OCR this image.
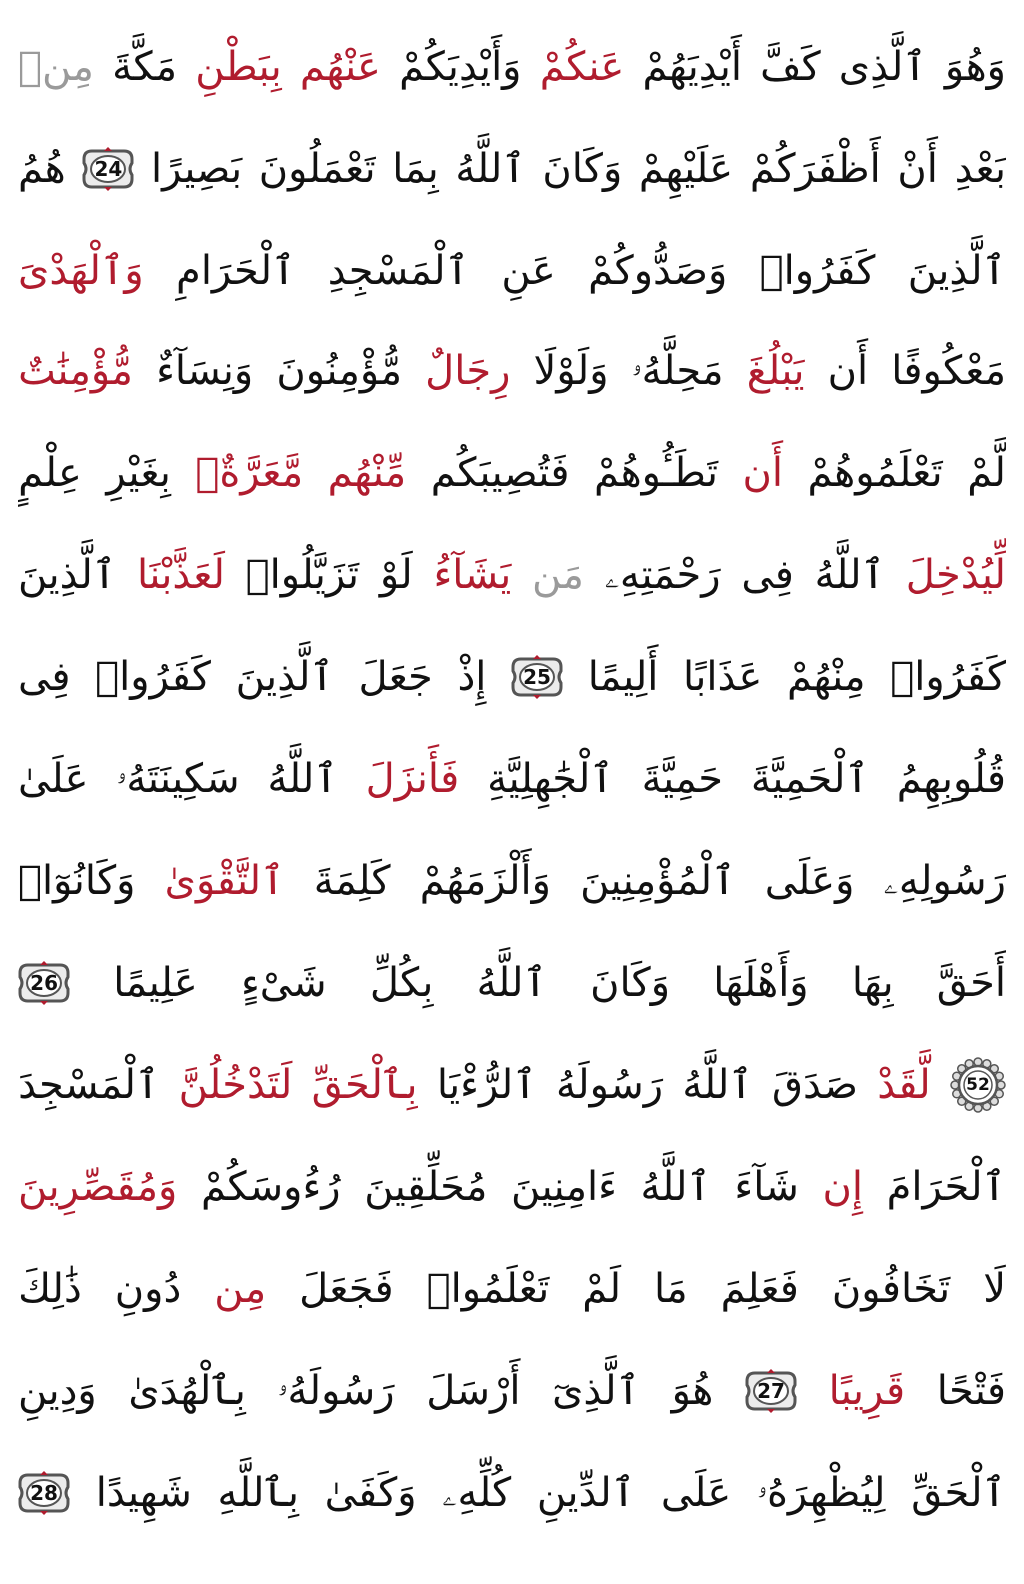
وَهُوَ
ٱلَّذِى
كَفَّ
أَيْدِيَهُمْ
عَنكُمْ
وَأَيْدِيَكُمْ
عَنْهُم
بِبَطْنِ
مَكَّةَ
مِنۢ
بَعْدِ
أَنْ
أَظْفَرَكُمْ
عَلَيْهِمْ
وَكَانَ
ٱللَّهُ
بِمَا
تَعْمَلُونَ
بَصِيرًا
24
هُمُ
ٱلَّذِينَ
كَفَرُوا۟
وَصَدُّوكُمْ
عَنِ
ٱلْمَسْجِدِ
ٱلْحَرَامِ
وَٱلْهَدْىَ
مَعْكُوفًا
أَن
يَبْلُغَ
مَحِلَّهُۥ
وَلَوْلَا
رِجَالٌ
مُّؤْمِنُونَ
وَنِسَآءٌ
مُّؤْمِنَٰتٌ
لَّمْ
تَعْلَمُوهُمْ
أَن
تَطَـُٔوهُمْ
فَتُصِيبَكُم
مِّنْهُم
مَّعَرَّةٌۢ
بِغَيْرِ
عِلْمٍ
لِّيُدْخِلَ
ٱللَّهُ
فِى
رَحْمَتِهِۦ
مَن
يَشَآءُ
لَوْ
تَزَيَّلُوا۟
لَعَذَّبْنَا
ٱلَّذِينَ
كَفَرُوا۟
مِنْهُمْ
عَذَابًا
أَلِيمًا
25
إِذْ
جَعَلَ
ٱلَّذِينَ
كَفَرُوا۟
فِى
قُلُوبِهِمُ
ٱلْحَمِيَّةَ
حَمِيَّةَ
ٱلْجَٰهِلِيَّةِ
فَأَنزَلَ
ٱللَّهُ
سَكِينَتَهُۥ
عَلَىٰ
رَسُولِهِۦ
وَعَلَى
ٱلْمُؤْمِنِينَ
وَأَلْزَمَهُمْ
كَلِمَةَ
ٱلتَّقْوَىٰ
وَكَانُوٓا۟
أَحَقَّ
بِهَا
وَأَهْلَهَا
وَكَانَ
ٱللَّهُ
بِكُلِّ
شَىْءٍ
عَلِيمًا
26
52
لَّقَدْ
صَدَقَ
ٱللَّهُ
رَسُولَهُ
ٱلرُّءْيَا
بِٱلْحَقِّ
لَتَدْخُلُنَّ
ٱلْمَسْجِدَ
ٱلْحَرَامَ
إِن
شَآءَ
ٱللَّهُ
ءَامِنِينَ
مُحَلِّقِينَ
رُءُوسَكُمْ
وَمُقَصِّرِينَ
لَا
تَخَافُونَ
فَعَلِمَ
مَا
لَمْ
تَعْلَمُوا۟
فَجَعَلَ
مِن
دُونِ
ذَٰلِكَ
فَتْحًا
قَرِيبًا
27
هُوَ
ٱلَّذِىٓ
أَرْسَلَ
رَسُولَهُۥ
بِٱلْهُدَىٰ
وَدِينِ
ٱلْحَقِّ
لِيُظْهِرَهُۥ
عَلَى
ٱلدِّينِ
كُلِّهِۦ
وَكَفَىٰ
بِٱللَّهِ
شَهِيدًا
28
